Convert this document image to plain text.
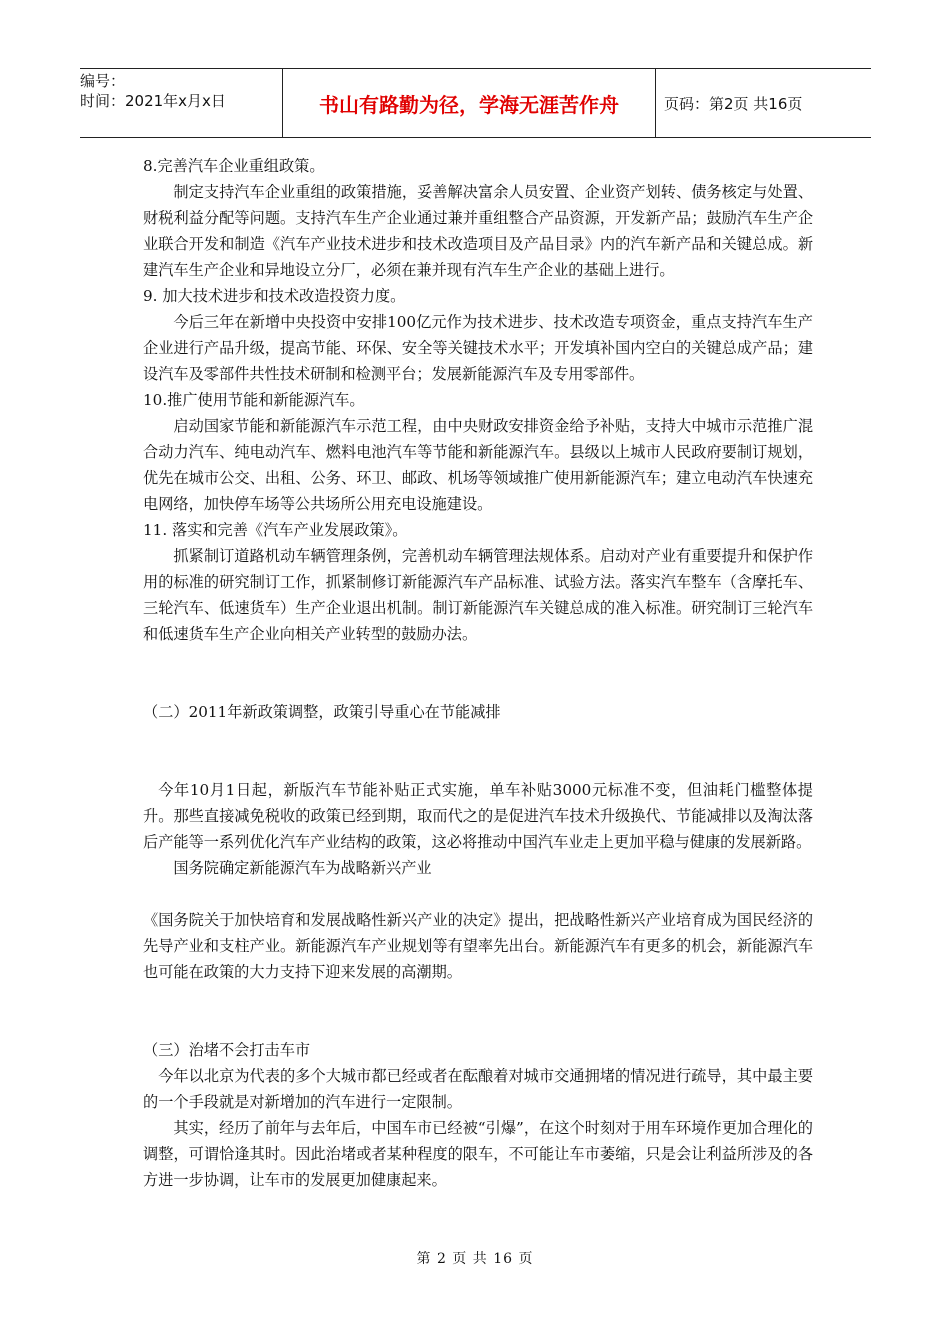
编号：
时间：2021年x月x日	书山有路勤为径，学海无涯苦作舟	页码：第2页 共16页

8.完善汽车企业重组政策。

制定支持汽车企业重组的政策措施，妥善解决富余人员安置、企业资产划转、债务核定与处置、财税利益分配等问题。支持汽车生产企业通过兼并重组整合产品资源，开发新产品；鼓励汽车生产企业联合开发和制造《汽车产业技术进步和技术改造项目及产品目录》内的汽车新产品和关键总成。新建汽车生产企业和异地设立分厂，必须在兼并现有汽车生产企业的基础上进行。

9. 加大技术进步和技术改造投资力度。

今后三年在新增中央投资中安排100亿元作为技术进步、技术改造专项资金，重点支持汽车生产企业进行产品升级，提高节能、环保、安全等关键技术水平；开发填补国内空白的关键总成产品；建设汽车及零部件共性技术研制和检测平台；发展新能源汽车及专用零部件。

10.推广使用节能和新能源汽车。

启动国家节能和新能源汽车示范工程，由中央财政安排资金给予补贴，支持大中城市示范推广混合动力汽车、纯电动汽车、燃料电池汽车等节能和新能源汽车。县级以上城市人民政府要制订规划，优先在城市公交、出租、公务、环卫、邮政、机场等领域推广使用新能源汽车；建立电动汽车快速充电网络，加快停车场等公共场所公用充电设施建设。

11. 落实和完善《汽车产业发展政策》。

抓紧制订道路机动车辆管理条例，完善机动车辆管理法规体系。启动对产业有重要提升和保护作用的标准的研究制订工作，抓紧制修订新能源汽车产品标准、试验方法。落实汽车整车（含摩托车、三轮汽车、低速货车）生产企业退出机制。制订新能源汽车关键总成的准入标准。研究制订三轮汽车和低速货车生产企业向相关产业转型的鼓励办法。

（二）2011年新政策调整，政策引导重心在节能减排

今年10月1日起，新版汽车节能补贴正式实施，单车补贴3000元标准不变，但油耗门槛整体提升。那些直接减免税收的政策已经到期，取而代之的是促进汽车技术升级换代、节能减排以及淘汰落后产能等一系列优化汽车产业结构的政策，这必将推动中国汽车业走上更加平稳与健康的发展新路。

国务院确定新能源汽车为战略新兴产业

《国务院关于加快培育和发展战略性新兴产业的决定》提出，把战略性新兴产业培育成为国民经济的先导产业和支柱产业。新能源汽车产业规划等有望率先出台。新能源汽车有更多的机会，新能源汽车也可能在政策的大力支持下迎来发展的高潮期。

（三）治堵不会打击车市

今年以北京为代表的多个大城市都已经或者在酝酿着对城市交通拥堵的情况进行疏导，其中最主要的一个手段就是对新增加的汽车进行一定限制。

其实，经历了前年与去年后，中国车市已经被“引爆”，在这个时刻对于用车环境作更加合理化的调整，可谓恰逢其时。因此治堵或者某种程度的限车，不可能让车市萎缩，只是会让利益所涉及的各方进一步协调，让车市的发展更加健康起来。

第 2 页 共 16 页
